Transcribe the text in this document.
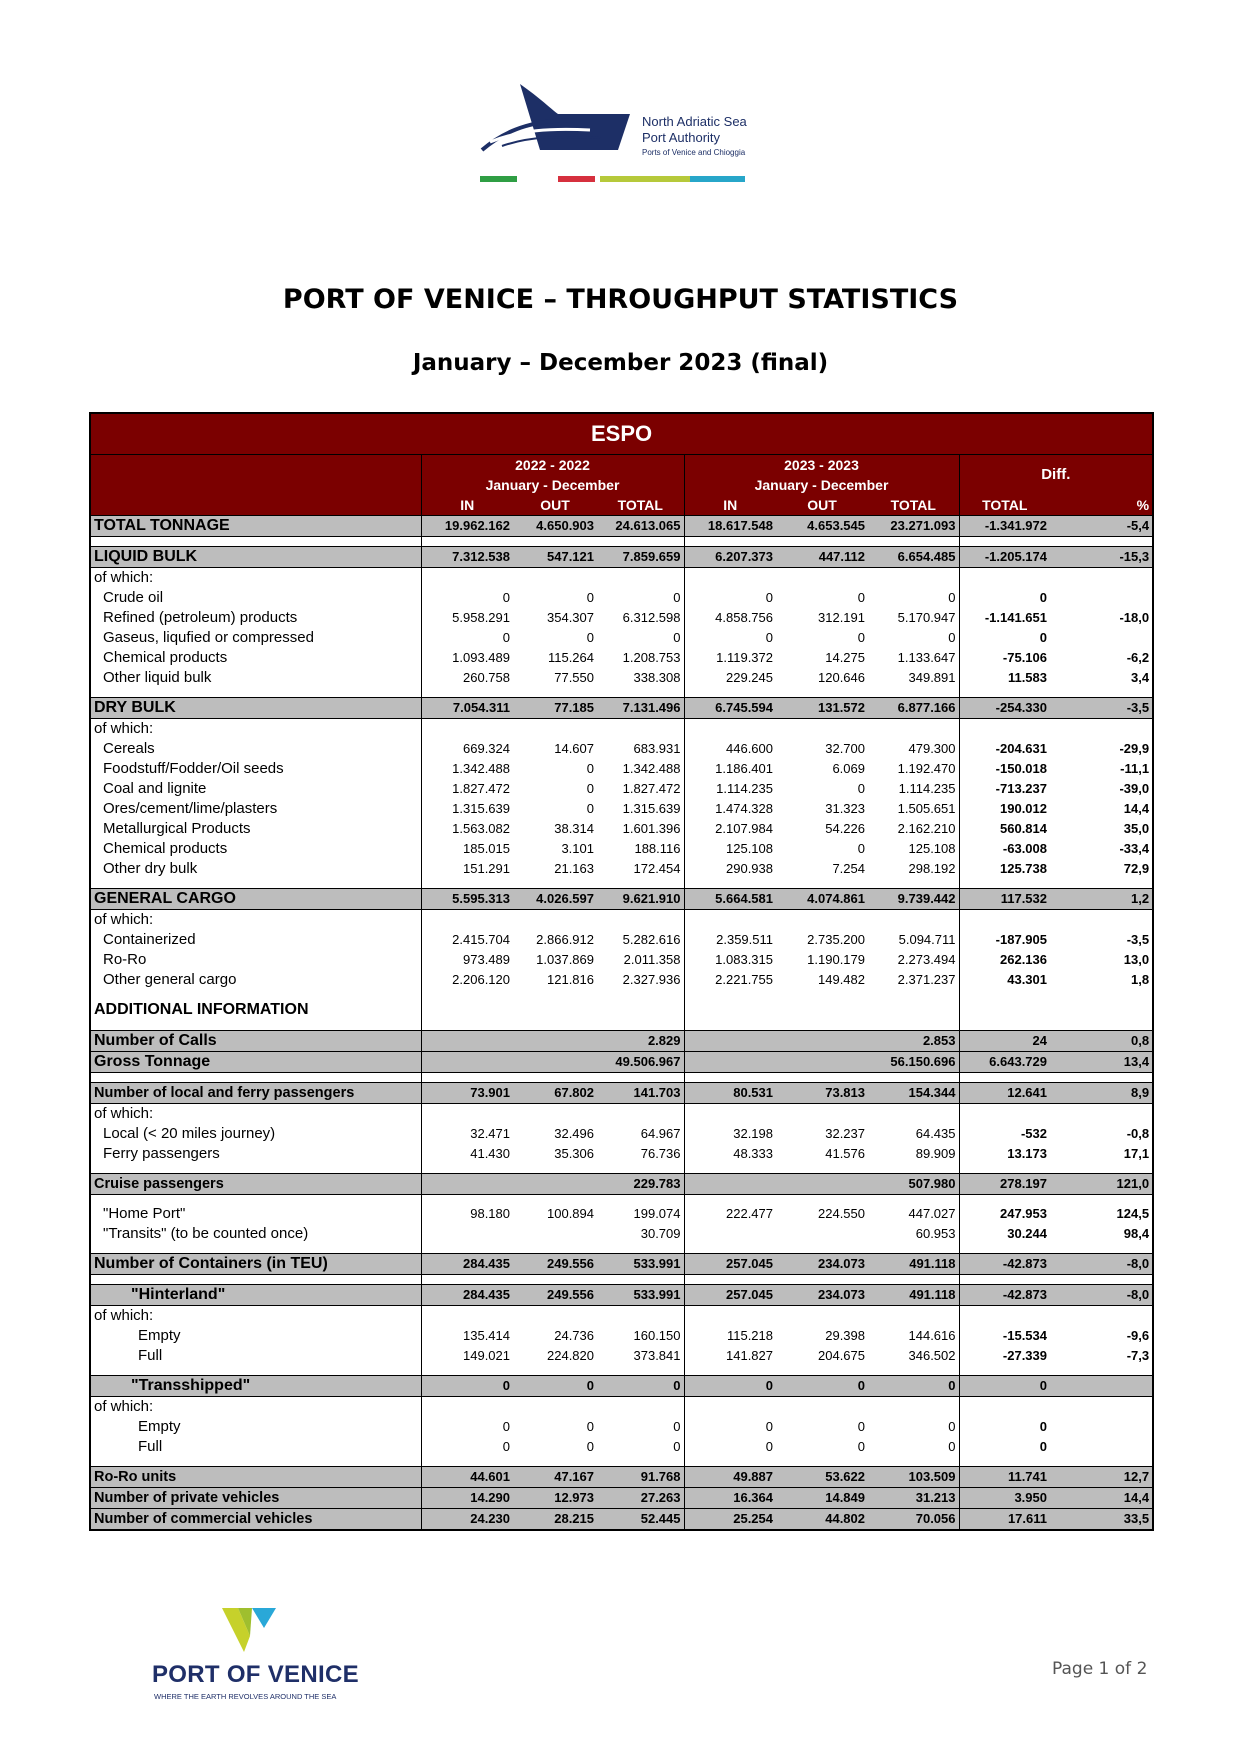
North Adriatic Sea
Port Authority
Ports of Venice and Chioggia
PORT OF VENICE – THROUGHPUT STATISTICS
January – December 2023 (final)
ESPO								
	2022 - 2022			2023 - 2023			Diff.	
	January - December			January - December				
	IN	OUT	TOTAL	IN	OUT	TOTAL	TOTAL	%
TOTAL TONNAGE	19.962.162	4.650.903	24.613.065	18.617.548	4.653.545	23.271.093	-1.341.972	-5,4

LIQUID BULK	7.312.538	547.121	7.859.659	6.207.373	447.112	6.654.485	-1.205.174	-15,3
of which:								
Crude oil	0	0	0	0	0	0	0	
Refined (petroleum) products	5.958.291	354.307	6.312.598	4.858.756	312.191	5.170.947	-1.141.651	-18,0
Gaseus, liqufied or compressed	0	0	0	0	0	0	0	
Chemical products	1.093.489	115.264	1.208.753	1.119.372	14.275	1.133.647	-75.106	-6,2
Other liquid bulk	260.758	77.550	338.308	229.245	120.646	349.891	11.583	3,4

DRY BULK	7.054.311	77.185	7.131.496	6.745.594	131.572	6.877.166	-254.330	-3,5
of which:								
Cereals	669.324	14.607	683.931	446.600	32.700	479.300	-204.631	-29,9
Foodstuff/Fodder/Oil seeds	1.342.488	0	1.342.488	1.186.401	6.069	1.192.470	-150.018	-11,1
Coal and lignite	1.827.472	0	1.827.472	1.114.235	0	1.114.235	-713.237	-39,0
Ores/cement/lime/plasters	1.315.639	0	1.315.639	1.474.328	31.323	1.505.651	190.012	14,4
Metallurgical Products	1.563.082	38.314	1.601.396	2.107.984	54.226	2.162.210	560.814	35,0
Chemical products	185.015	3.101	188.116	125.108	0	125.108	-63.008	-33,4
Other dry bulk	151.291	21.163	172.454	290.938	7.254	298.192	125.738	72,9

GENERAL CARGO	5.595.313	4.026.597	9.621.910	5.664.581	4.074.861	9.739.442	117.532	1,2
of which:								
Containerized	2.415.704	2.866.912	5.282.616	2.359.511	2.735.200	5.094.711	-187.905	-3,5
Ro-Ro	973.489	1.037.869	2.011.358	1.083.315	1.190.179	2.273.494	262.136	13,0
Other general cargo	2.206.120	121.816	2.327.936	2.221.755	149.482	2.371.237	43.301	1,8
ADDITIONAL INFORMATION								
Number of Calls			2.829			2.853	24	0,8
Gross Tonnage			49.506.967			56.150.696	6.643.729	13,4

Number of local and ferry passengers	73.901	67.802	141.703	80.531	73.813	154.344	12.641	8,9
of which:								
Local (< 20 miles journey)	32.471	32.496	64.967	32.198	32.237	64.435	-532	-0,8
Ferry passengers	41.430	35.306	76.736	48.333	41.576	89.909	13.173	17,1

Cruise passengers			229.783			507.980	278.197	121,0

"Home Port"	98.180	100.894	199.074	222.477	224.550	447.027	247.953	124,5
"Transits" (to be counted once)			30.709			60.953	30.244	98,4

Number of Containers (in TEU)	284.435	249.556	533.991	257.045	234.073	491.118	-42.873	-8,0

"Hinterland"	284.435	249.556	533.991	257.045	234.073	491.118	-42.873	-8,0
of which:								
Empty	135.414	24.736	160.150	115.218	29.398	144.616	-15.534	-9,6
Full	149.021	224.820	373.841	141.827	204.675	346.502	-27.339	-7,3

"Transshipped"	0	0	0	0	0	0	0	
of which:								
Empty	0	0	0	0	0	0	0	
Full	0	0	0	0	0	0	0	

Ro-Ro units	44.601	47.167	91.768	49.887	53.622	103.509	11.741	12,7
Number of private vehicles	14.290	12.973	27.263	16.364	14.849	31.213	3.950	14,4
Number of commercial vehicles	24.230	28.215	52.445	25.254	44.802	70.056	17.611	33,5
PORT OF VENICE
WHERE THE EARTH REVOLVES AROUND THE SEA
Page 1 of 2
